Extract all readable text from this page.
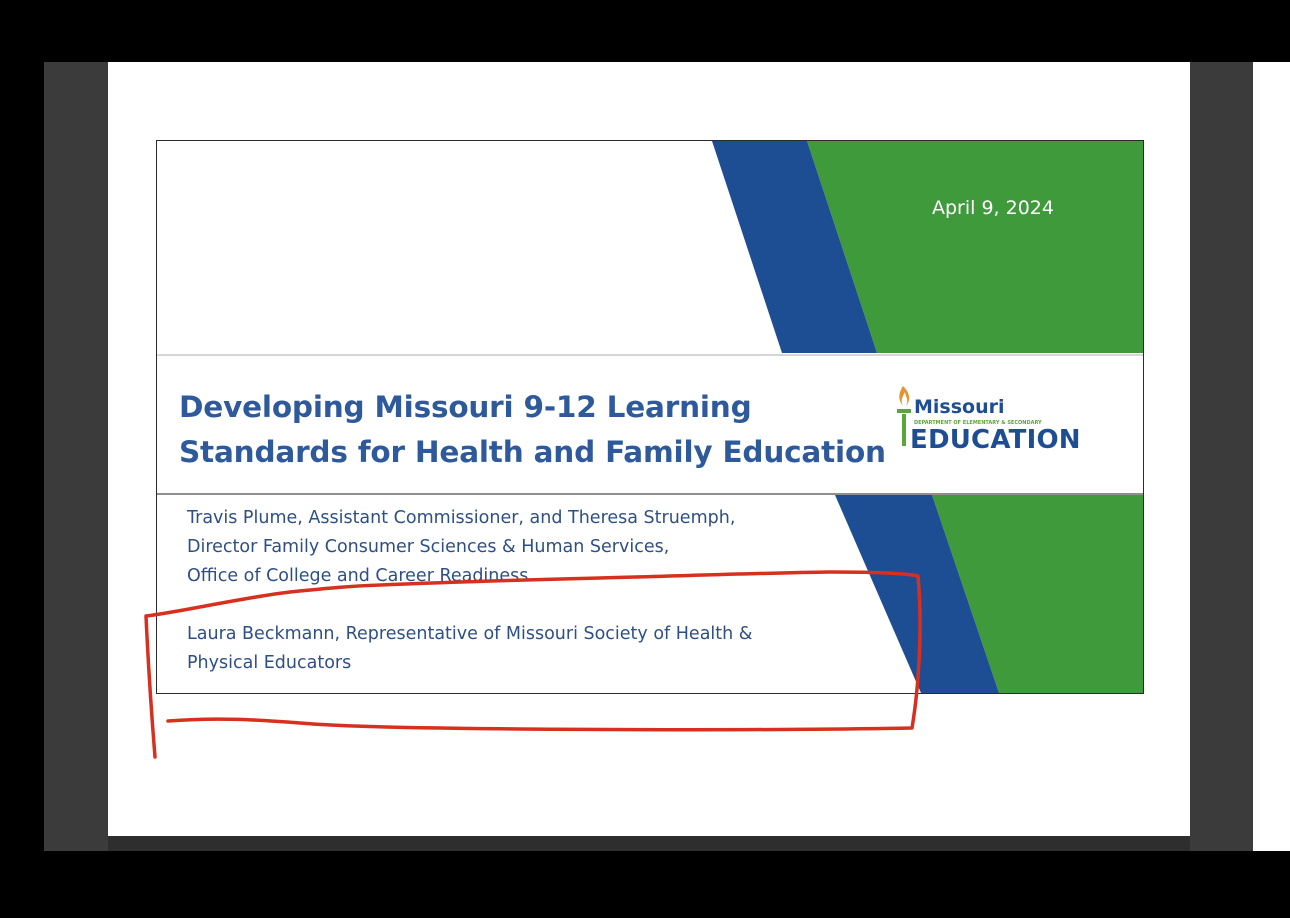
April 9, 2024
Developing Missouri 9-12 Learning
Standards for Health and Family Education
Missouri
DEPARTMENT OF ELEMENTARY & SECONDARY
EDUCATION
Travis Plume, Assistant Commissioner, and Theresa Struemph,
Director Family Consumer Sciences & Human Services,
Office of College and Career Readiness
Laura Beckmann, Representative of Missouri Society of Health &
Physical Educators
